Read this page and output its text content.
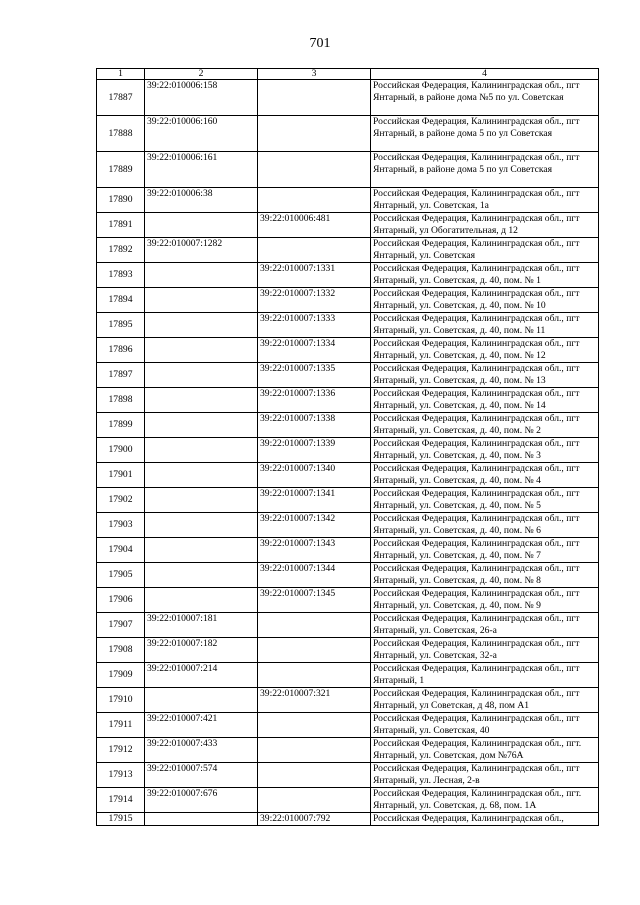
701
1	2	3	4
17887	39:22:010006:158		Российская Федерация, Калининградская обл., пгт Янтарный, в районе дома №5 по ул. Советская
17888	39:22:010006:160		Российская Федерация, Калининградская обл., пгт Янтарный, в районе дома 5 по ул Советская
17889	39:22:010006:161		Российская Федерация, Калининградская обл., пгт Янтарный, в районе дома 5 по ул Советская
17890	39:22:010006:38		Российская Федерация, Калининградская обл., пгт Янтарный, ул. Советская, 1а
17891		39:22:010006:481	Российская Федерация, Калининградская обл., пгт Янтарный, ул Обогатительная, д 12
17892	39:22:010007:1282		Российская Федерация, Калининградская обл., пгт Янтарный, ул. Советская
17893		39:22:010007:1331	Российская Федерация, Калининградская обл., пгт Янтарный, ул. Советская, д. 40, пом. № 1
17894		39:22:010007:1332	Российская Федерация, Калининградская обл., пгт Янтарный, ул. Советская, д. 40, пом. № 10
17895		39:22:010007:1333	Российская Федерация, Калининградская обл., пгт Янтарный, ул. Советская, д. 40, пом. № 11
17896		39:22:010007:1334	Российская Федерация, Калининградская обл., пгт Янтарный, ул. Советская, д. 40, пом. № 12
17897		39:22:010007:1335	Российская Федерация, Калининградская обл., пгт Янтарный, ул. Советская, д. 40, пом. № 13
17898		39:22:010007:1336	Российская Федерация, Калининградская обл., пгт Янтарный, ул. Советская, д. 40, пом. № 14
17899		39:22:010007:1338	Российская Федерация, Калининградская обл., пгт Янтарный, ул. Советская, д. 40, пом. № 2
17900		39:22:010007:1339	Российская Федерация, Калининградская обл., пгт Янтарный, ул. Советская, д. 40, пом. № 3
17901		39:22:010007:1340	Российская Федерация, Калининградская обл., пгт Янтарный, ул. Советская, д. 40, пом. № 4
17902		39:22:010007:1341	Российская Федерация, Калининградская обл., пгт Янтарный, ул. Советская, д. 40, пом. № 5
17903		39:22:010007:1342	Российская Федерация, Калининградская обл., пгт Янтарный, ул. Советская, д. 40, пом. № 6
17904		39:22:010007:1343	Российская Федерация, Калининградская обл., пгт Янтарный, ул. Советская, д. 40, пом. № 7
17905		39:22:010007:1344	Российская Федерация, Калининградская обл., пгт Янтарный, ул. Советская, д. 40, пом. № 8
17906		39:22:010007:1345	Российская Федерация, Калининградская обл., пгт Янтарный, ул. Советская, д. 40, пом. № 9
17907	39:22:010007:181		Российская Федерация, Калининградская обл., пгт Янтарный, ул. Советская, 26-а
17908	39:22:010007:182		Российская Федерация, Калининградская обл., пгт Янтарный, ул. Советская, 32-а
17909	39:22:010007:214		Российская Федерация, Калининградская обл., пгт Янтарный, 1
17910		39:22:010007:321	Российская Федерация, Калининградская обл., пгт Янтарный, ул Советская, д 48, пом А1
17911	39:22:010007:421		Российская Федерация, Калининградская обл., пгт Янтарный, ул. Советская, 40
17912	39:22:010007:433		Российская Федерация, Калининградская обл., пгт. Янтарный, ул. Советская, дом №76А
17913	39:22:010007:574		Российская Федерация, Калининградская обл., пгт Янтарный, ул. Лесная, 2-в
17914	39:22:010007:676		Российская Федерация, Калининградская обл., пгт. Янтарный, ул. Советская, д. 68, пом. 1А
17915		39:22:010007:792	Российская Федерация, Калининградская обл.,
